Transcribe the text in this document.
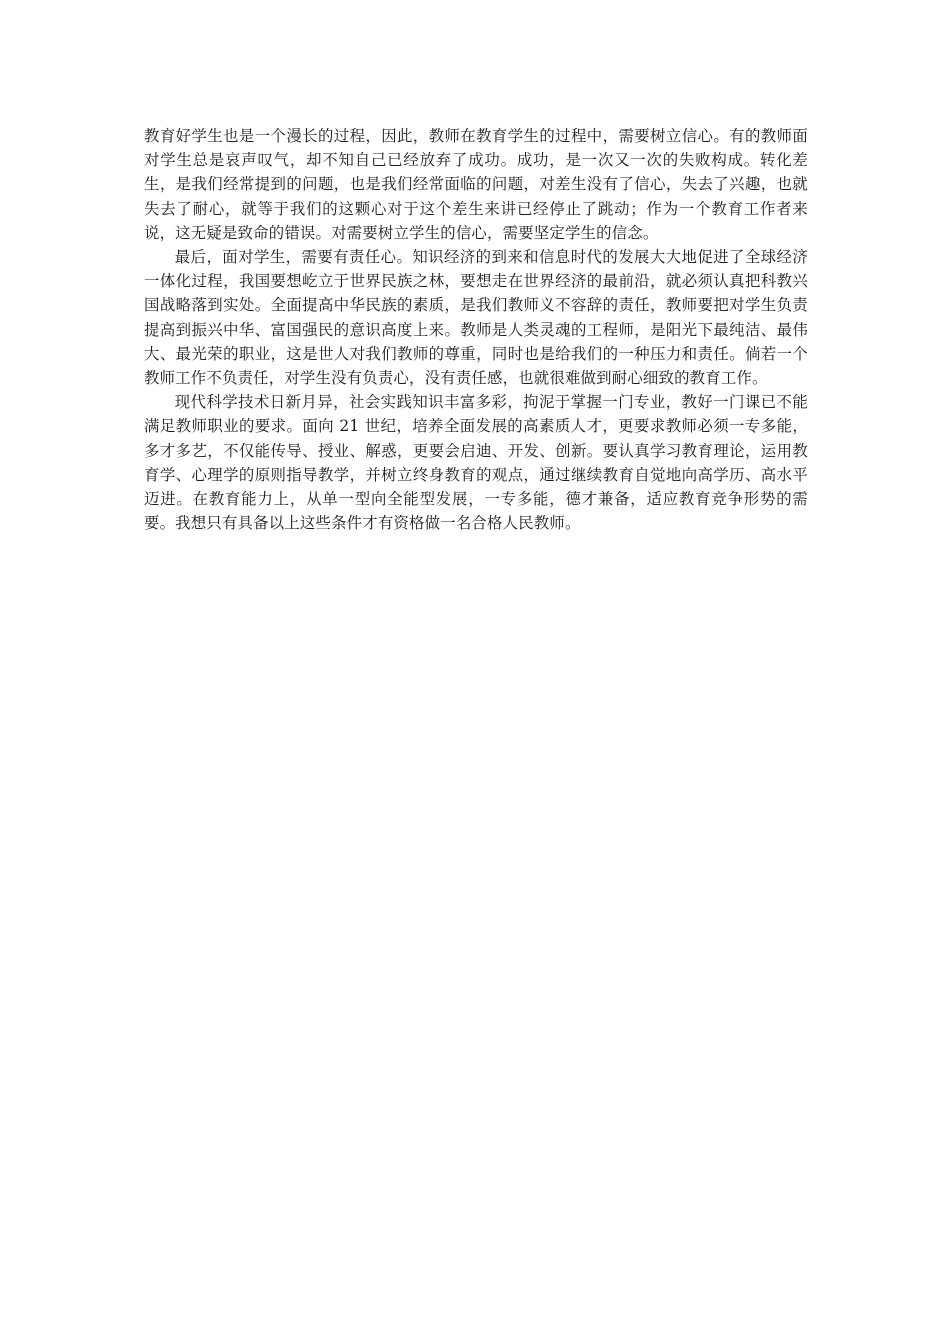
教育好学生也是一个漫长的过程，因此，教师在教育学生的过程中，需要树立信心。有的教师面对学生总是哀声叹气，却不知自己已经放弃了成功。成功，是一次又一次的失败构成。转化差生，是我们经常提到的问题，也是我们经常面临的问题，对差生没有了信心，失去了兴趣，也就失去了耐心，就等于我们的这颗心对于这个差生来讲已经停止了跳动；作为一个教育工作者来说，这无疑是致命的错误。对需要树立学生的信心，需要坚定学生的信念。

最后，面对学生，需要有责任心。知识经济的到来和信息时代的发展大大地促进了全球经济一体化过程，我国要想屹立于世界民族之林，要想走在世界经济的最前沿，就必须认真把科教兴国战略落到实处。全面提高中华民族的素质，是我们教师义不容辞的责任，教师要把对学生负责提高到振兴中华、富国强民的意识高度上来。教师是人类灵魂的工程师，是阳光下最纯洁、最伟大、最光荣的职业，这是世人对我们教师的尊重，同时也是给我们的一种压力和责任。倘若一个教师工作不负责任，对学生没有负责心，没有责任感，也就很难做到耐心细致的教育工作。

现代科学技术日新月异，社会实践知识丰富多彩，拘泥于掌握一门专业，教好一门课已不能满足教师职业的要求。面向 21 世纪，培养全面发展的高素质人才，更要求教师必须一专多能，多才多艺，不仅能传导、授业、解惑，更要会启迪、开发、创新。要认真学习教育理论，运用教育学、心理学的原则指导教学，并树立终身教育的观点，通过继续教育自觉地向高学历、高水平迈进。在教育能力上，从单一型向全能型发展，一专多能，德才兼备，适应教育竞争形势的需要。我想只有具备以上这些条件才有资格做一名合格人民教师。
